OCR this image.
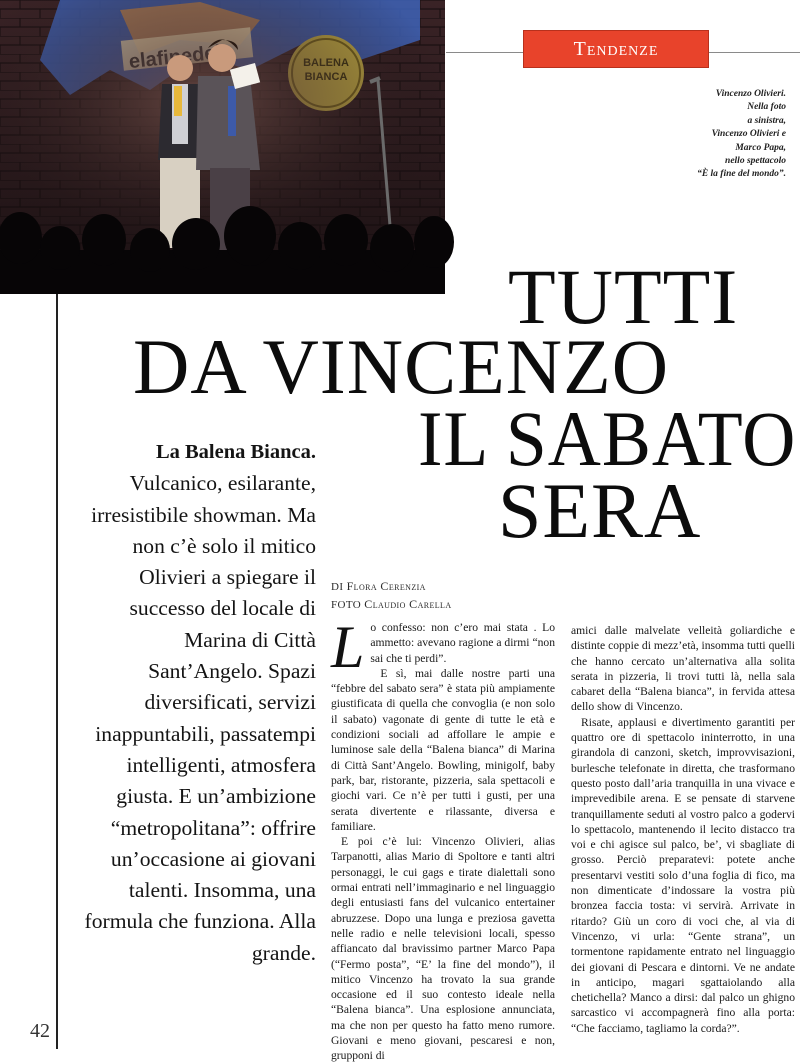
Tendenze
Vincenzo Olivieri.
Nella foto
a sinistra,
Vincenzo Olivieri e
Marco Papa,
nello spettacolo
“È la fine del mondo”.
TUTTI
DA VINCENZO
IL SABATO
SERA
42
La Balena Bianca. Vulcanico, esilarante, irresistibile showman. Ma non c’è solo il mitico Olivieri a spiegare il successo del locale di Marina di Città Sant’Angelo. Spazi diversificati, servizi inappuntabili, passatempi intelligenti, atmosfera giusta. E un’ambizione “metropolitana”: offrire un’occasione ai giovani talenti. Insomma, una formula che funziona. Alla grande.
DI Flora Cerenzia
FOTO Claudio Carella

Lo confesso: non c’ero mai stata . Lo ammetto: avevano ragione a dirmi “non sai che ti perdi”.

E sì, mai dalle nostre parti una “febbre del sabato sera” è stata più ampiamente giustificata di quella che convoglia (e non solo il sabato) vagonate di gente di tutte le età e condizioni sociali ad affollare le ampie e luminose sale della “Balena bianca” di Marina di Città Sant’Angelo. Bowling, minigolf, baby park, bar, ristorante, pizzeria, sala spettacoli e giochi vari. Ce n’è per tutti i gusti, per una serata divertente e rilassante, diversa e familiare.

E poi c’è lui: Vincenzo Olivieri, alias Tarpanotti, alias Mario di Spoltore e tanti altri personaggi, le cui gags e tirate dialettali sono ormai entrati nell’immaginario e nel linguaggio degli entusiasti fans del vulcanico entertainer abruzzese. Dopo una lunga e preziosa gavetta nelle radio e nelle televisioni locali, spesso affiancato dal bravissimo partner Marco Papa (“Fermo posta”, “E’ la fine del mondo”), il mitico Vincenzo ha trovato la sua grande occasione ed il suo contesto ideale nella “Balena bianca”. Una esplosione annunciata, ma che non per questo ha fatto meno rumore. Giovani e meno giovani, pescaresi e non, grupponi di

amici dalle malvelate velleità goliardiche e distinte coppie di mezz’età, insomma tutti quelli che hanno cercato un’alternativa alla solita serata in pizzeria, li trovi tutti là, nella sala cabaret della “Balena bianca”, in fervida attesa dello show di Vincenzo.

Risate, applausi e divertimento garantiti per quattro ore di spettacolo ininterrotto, in una girandola di canzoni, sketch, improvvisazioni, burlesche telefonate in diretta, che trasformano questo posto dall’aria tranquilla in una vivace e imprevedibile arena. E se pensate di starvene tranquillamente seduti al vostro palco a godervi lo spettacolo, mantenendo il lecito distacco tra voi e chi agisce sul palco, be’, vi sbagliate di grosso. Perciò preparatevi: potete anche presentarvi vestiti solo d’una foglia di fico, ma non dimenticate d’indossare la vostra più bronzea faccia tosta: vi servirà. Arrivate in ritardo? Giù un coro di voci che, al via di Vincenzo, vi urla: “Gente strana”, un tormentone rapidamente entrato nel linguaggio dei giovani di Pescara e dintorni. Ve ne andate in anticipo, magari sgattaiolando alla chetichella? Manco a dirsi: dal palco un ghigno sarcastico vi accompagnerà fino alla porta: “Che facciamo, tagliamo la corda?”.
